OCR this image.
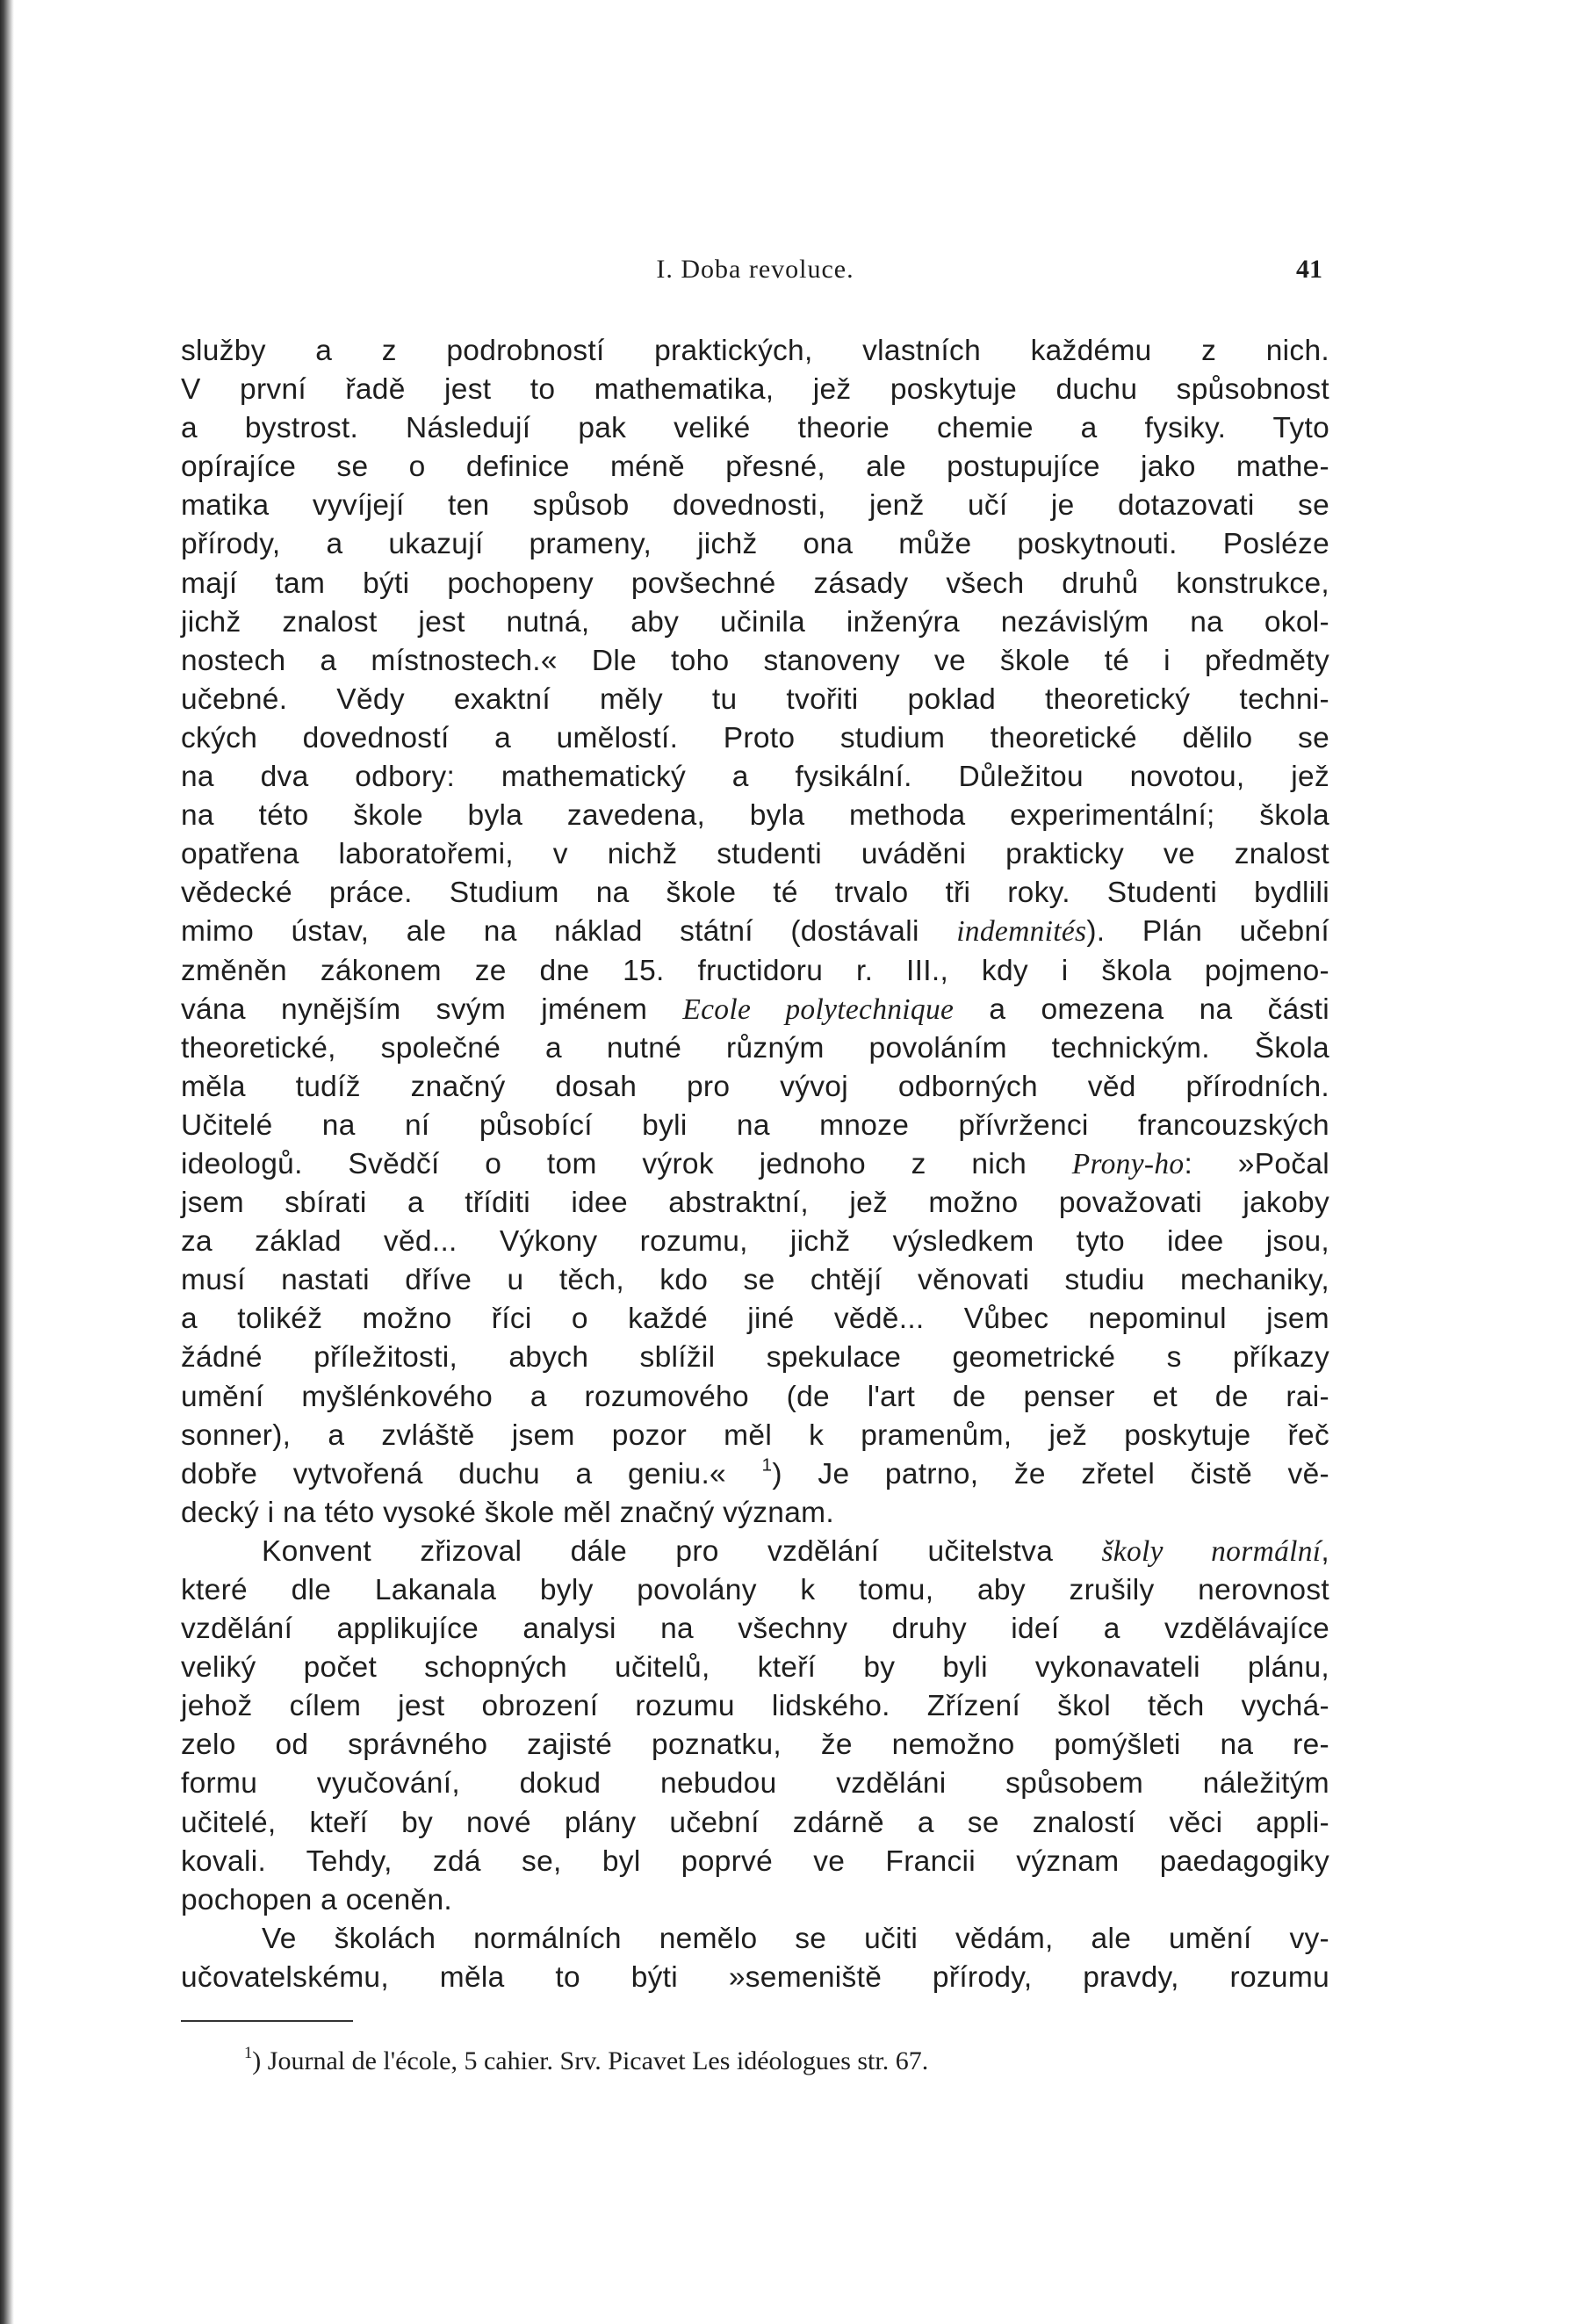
I. Doba revoluce.	41
služby a z podrobností praktických, vlastních každému z nich.
V první řadě jest to mathematika, jež poskytuje duchu spůsobnost
a bystrost. Následují pak veliké theorie chemie a fysiky. Tyto
opírajíce se o definice méně přesné, ale postupujíce jako mathe-
matika vyvíjejí ten spůsob dovednosti, jenž učí je dotazovati se
přírody, a ukazují prameny, jichž ona může poskytnouti. Posléze
mají tam býti pochopeny povšechné zásady všech druhů konstrukce,
jichž znalost jest nutná, aby učinila inženýra nezávislým na okol-
nostech a místnostech.« Dle toho stanoveny ve škole té i předměty
učebné. Vědy exaktní měly tu tvořiti poklad theoretický techni-
ckých dovedností a umělostí. Proto studium theoretické dělilo se
na dva odbory: mathematický a fysikální. Důležitou novotou, jež
na této škole byla zavedena, byla methoda experimentální; škola
opatřena laboratořemi, v nichž studenti uváděni prakticky ve znalost
vědecké práce. Studium na škole té trvalo tři roky. Studenti bydlili
mimo ústav, ale na náklad státní (dostávali indemnités). Plán učební
změněn zákonem ze dne 15. fructidoru r. III., kdy i škola pojmeno-
vána nynějším svým jménem Ecole polytechnique a omezena na části
theoretické, společné a nutné různým povoláním technickým. Škola
měla tudíž značný dosah pro vývoj odborných věd přírodních.
Učitelé na ní působící byli na mnoze přívrženci francouzských
ideologů. Svědčí o tom výrok jednoho z nich Prony-ho: »Počal
jsem sbírati a tříditi idee abstraktní, jež možno považovati jakoby
za základ věd... Výkony rozumu, jichž výsledkem tyto idee jsou,
musí nastati dříve u těch, kdo se chtějí věnovati studiu mechaniky,
a tolikéž možno říci o každé jiné vědě... Vůbec nepominul jsem
žádné příležitosti, abych sblížil spekulace geometrické s příkazy
umění myšlénkového a rozumového (de l'art de penser et de rai-
sonner), a zvláště jsem pozor měl k pramenům, jež poskytuje řeč
dobře vytvořená duchu a geniu.« $^1$) Je patrno, že zřetel čistě vě-
decký i na této vysoké škole měl značný význam.
Konvent zřizoval dále pro vzdělání učitelstva školy normální,
které dle Lakanala byly povolány k tomu, aby zrušily nerovnost
vzdělání applikujíce analysi na všechny druhy ideí a vzdělávajíce
veliký počet schopných učitelů, kteří by byli vykonavateli plánu,
jehož cílem jest obrození rozumu lidského. Zřízení škol těch vychá-
zelo od správného zajisté poznatku, že nemožno pomýšleti na re-
formu vyučování, dokud nebudou vzděláni spůsobem náležitým
učitelé, kteří by nové plány učební zdárně a se znalostí věci appli-
kovali. Tehdy, zdá se, byl poprvé ve Francii význam paedagogiky
pochopen a oceněn.
Ve školách normálních nemělo se učiti vědám, ale umění vy-
učovatelskému, měla to býti »semeniště přírody, pravdy, rozumu
$^1$) Journal de l'école, 5 cahier. Srv. Picavet Les idéologues str. 67.
